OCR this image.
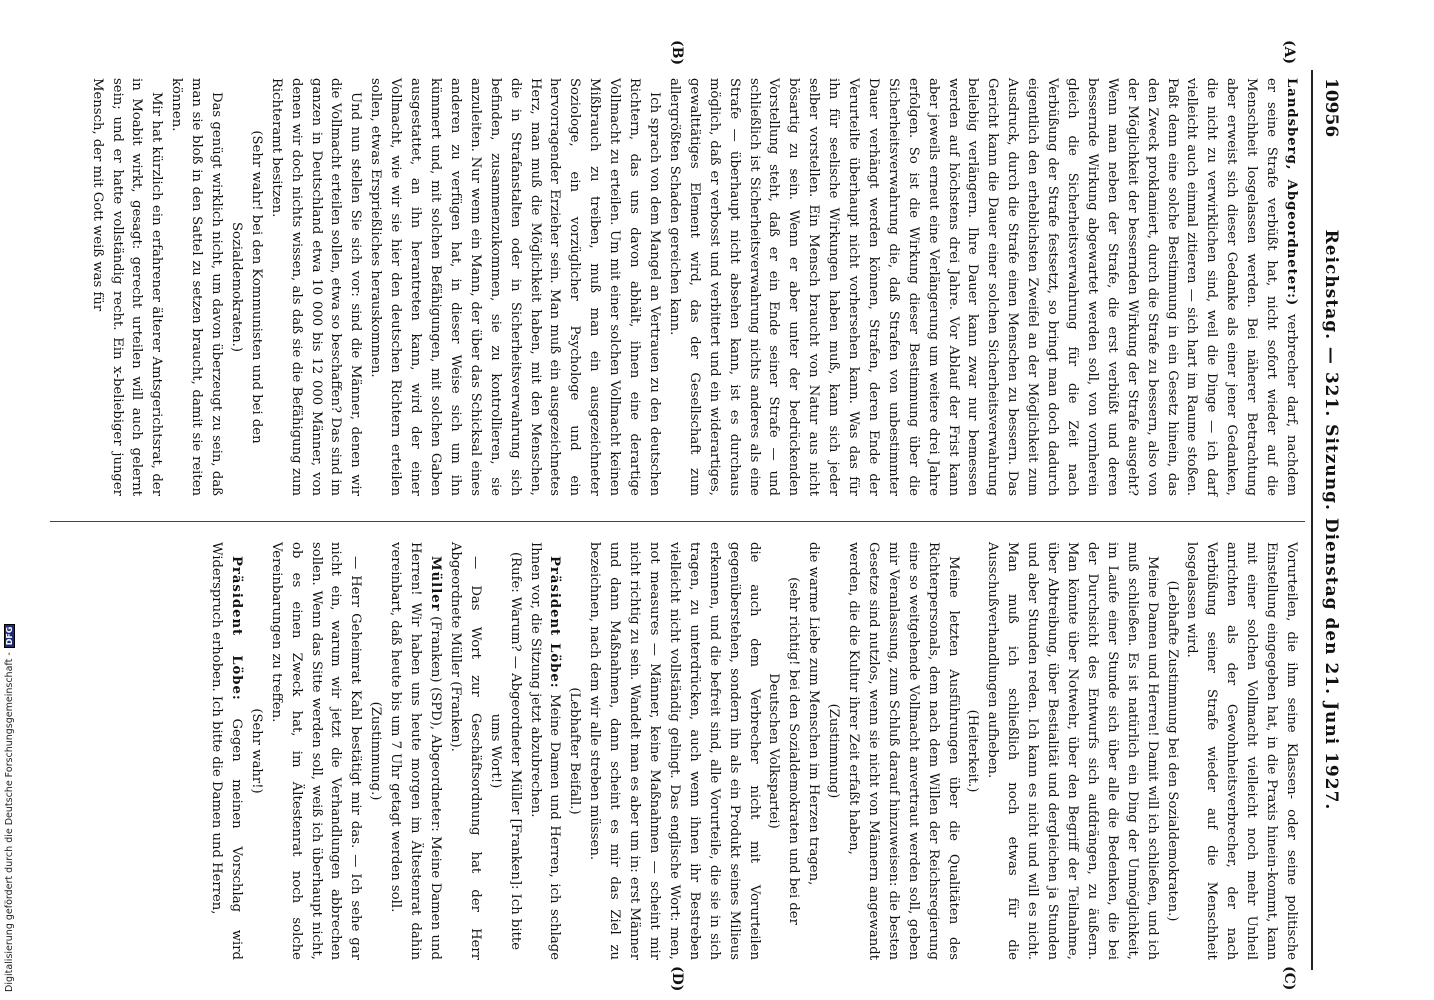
10956
Reichstag. — 321. Sitzung. Dienstag den 21. Juni 1927.
(A)
(B)
(C)
(D)

Landsberg, Abgeordneter:) verbrecher darf, nachdem er seine Strafe verbüßt hat, nicht sofort wieder auf die Menschheit losgelassen werden. Bei näherer Betrachtung aber erweist sich dieser Gedanke als einer jener Gedanken, die nicht zu verwirklichen sind, weil die Dinge — ich darf vielleicht auch einmal zitieren — sich hart im Raume stoßen. Paßt denn eine solche Bestimmung in ein Gesetz hinein, das den Zweck proklamiert, durch die Strafe zu bessern, also von der Möglichkeit der bessernden Wirkung der Strafe ausgeht? Wenn man neben der Strafe, die erst verbüßt und deren bessernde Wirkung abgewartet werden soll, von vornherein gleich die Sicherheitsverwahrung für die Zeit nach Verbüßung der Strafe festsetzt, so bringt man doch dadurch eigentlich den erheblichsten Zweifel an der Möglichkeit zum Ausdruck, durch die Strafe einen Menschen zu bessern. Das Gericht kann die Dauer einer solchen Sicherheitsverwahrung beliebig verlängern. Ihre Dauer kann zwar nur bemessen werden auf höchstens drei Jahre. Vor Ablauf der Frist kann aber jeweils erneut eine Verlängerung um weitere drei Jahre erfolgen. So ist die Wirkung dieser Bestimmung über die Sicherheitsverwahrung die, daß Strafen von unbestimmter Dauer verhängt werden können, Strafen, deren Ende der Verurteilte überhaupt nicht vorhersehen kann. Was das für ihn für seelische Wirkungen haben muß, kann sich jeder selber vorstellen. Ein Mensch braucht von Natur aus nicht bösartig zu sein. Wenn er aber unter der bedrückenden Vorstellung steht, daß er ein Ende seiner Strafe — und schließlich ist Sicherheitsverwahrung nichts anderes als eine Strafe — überhaupt nicht absehen kann, ist es durchaus möglich, daß er verbosst und verbittert und ein widerartiges, gewalttätiges Element wird, das der Gesellschaft zum allergrößten Schaden gereichen kann.

Ich sprach von dem Mangel an Vertrauen zu den deutschen Richtern, das uns davon abhält, ihnen eine derartige Vollmacht zu erteilen. Um mit einer solchen Vollmacht keinen Mißbrauch zu treiben, muß man ein ausgezeichneter Soziologe, ein vorzüglicher Psychologe und ein hervorragender Erzieher sein. Man muß ein ausgezeichnetes Herz, man muß die Möglichkeit haben, mit den Menschen, die in Strafanstalten oder in Sicherheitsverwahrung sich befinden, zusammenzukommen, sie zu kontrollieren, sie anzuleiten. Nur wenn ein Mann, der über das Schicksal eines anderen zu verfügen hat, in dieser Weise sich um ihn kümmert und, mit solchen Befähigungen, mit solchen Gaben ausgestattet, an ihn herantreten kann, wird der einer Vollmacht, wie wir sie hier den deutschen Richtern erteilen sollen, etwas Ersprießliches herauskommen.

Und nun stellen Sie sich vor: sind die Männer, denen wir die Vollmacht erteilen sollen, etwa so beschaffen? Das sind im ganzen in Deutschland etwa 10 000 bis 12 000 Männer, von denen wir doch nichts wissen, als daß sie die Befähigung zum Richteramt besitzen.

(Sehr wahr! bei den Kommunisten und bei den Sozialdemokraten.)

Das genügt wirklich nicht, um davon überzeugt zu sein, daß man sie bloß in den Sattel zu setzen braucht, damit sie reiten können.

Mir hat kürzlich ein erfahrener älterer Amtsgerichtsrat, der in Moabit wirkt, gesagt: gerecht urteilen will auch gelernt sein; und er hatte vollständig recht. Ein x-beliebiger junger Mensch, der mit Gott weiß was für

Vorurteilen, die ihm seine Klassen- oder seine politische Einstellung eingegeben hat, in die Praxis hinein-kommt, kann mit einer solchen Vollmacht vielleicht noch mehr Unheil anrichten als der Gewohnheitsverbrecher, der nach Verbüßung seiner Strafe wieder auf die Menschheit losgelassen wird.

(Lebhafte Zustimmung bei den Sozialdemokraten.)

Meine Damen und Herren! Damit will ich schließen, und ich muß schließen. Es ist natürlich ein Ding der Unmöglichkeit, im Laufe einer Stunde sich über alle die Bedenken, die bei der Durchsicht des Entwurfs sich aufdrängen, zu äußern. Man könnte über Notwehr, über den Begriff der Teilnahme, über Abtreibung, über Bestialität und dergleichen ja Stunden und aber Stunden reden. Ich kann es nicht und will es nicht. Man muß ich schließlich noch etwas für die Ausschußverhandlungen aufheben.

(Heiterkeit.)

Meine letzten Ausführungen über die Qualitäten des Richterpersonals, dem nach dem Willen der Reichsregierung eine so weitgehende Vollmacht anvertraut werden soll, geben mir Veranlassung, zum Schluß darauf hinzuweisen: die besten Gesetze sind nutzlos, wenn sie nicht von Männern angewandt werden, die die Kultur ihrer Zeit erfaßt haben,

(Zustimmung)

die warme Liebe zum Menschen im Herzen tragen,

(sehr richtig! bei den Sozialdemokraten und bei der Deutschen Volkspartei)

die auch dem Verbrecher nicht mit Vorurteilen gegenüberstehen, sondern ihn als ein Produkt seines Milieus erkennen, und die befreit sind, alle Vorurteile, die sie in sich tragen, zu unterdrücken, auch wenn ihnen ihr Bestreben vielleicht nicht vollständig gelingt. Das englische Wort: men, not measures — Männer, keine Maßnahmen — scheint mir nicht richtig zu sein. Wandelt man es aber um in: erst Männer und dann Maßnahmen, dann scheint es mir das Ziel zu bezeichnen, nach dem wir alle streben müssen.

(Lebhafter Beifall.)

Präsident Löbe: Meine Damen und Herren, ich schlage Ihnen vor, die Sitzung jetzt abzubrechen.

(Rufe: Warum? — Abgeordneter Müller [Franken]: Ich bitte ums Wort!)

— Das Wort zur Geschäftsordnung hat der Herr Abgeordnete Müller (Franken).

Müller (Franken) (SPD), Abgeordneter: Meine Damen und Herren! Wir haben uns heute morgen im Ältestenrat dahin vereinbart, daß heute bis um 7 Uhr getagt werden soll.

(Zustimmung.)

— Herr Geheimrat Kahl bestätigt mir das. — Ich sehe gar nicht ein, warum wir jetzt die Verhandlungen abbrechen sollen. Wenn das Sitte werden soll, weiß ich überhaupt nicht, ob es einen Zweck hat, im Ältestenrat noch solche Vereinbarungen zu treffen.

(Sehr wahr!)

Präsident Löbe: Gegen meinen Vorschlag wird Widerspruch erhoben. Ich bitte die Damen und Herren,

Digitalisierung gefördert durch die Deutsche Forschungsgemeinschaft -
DFG
